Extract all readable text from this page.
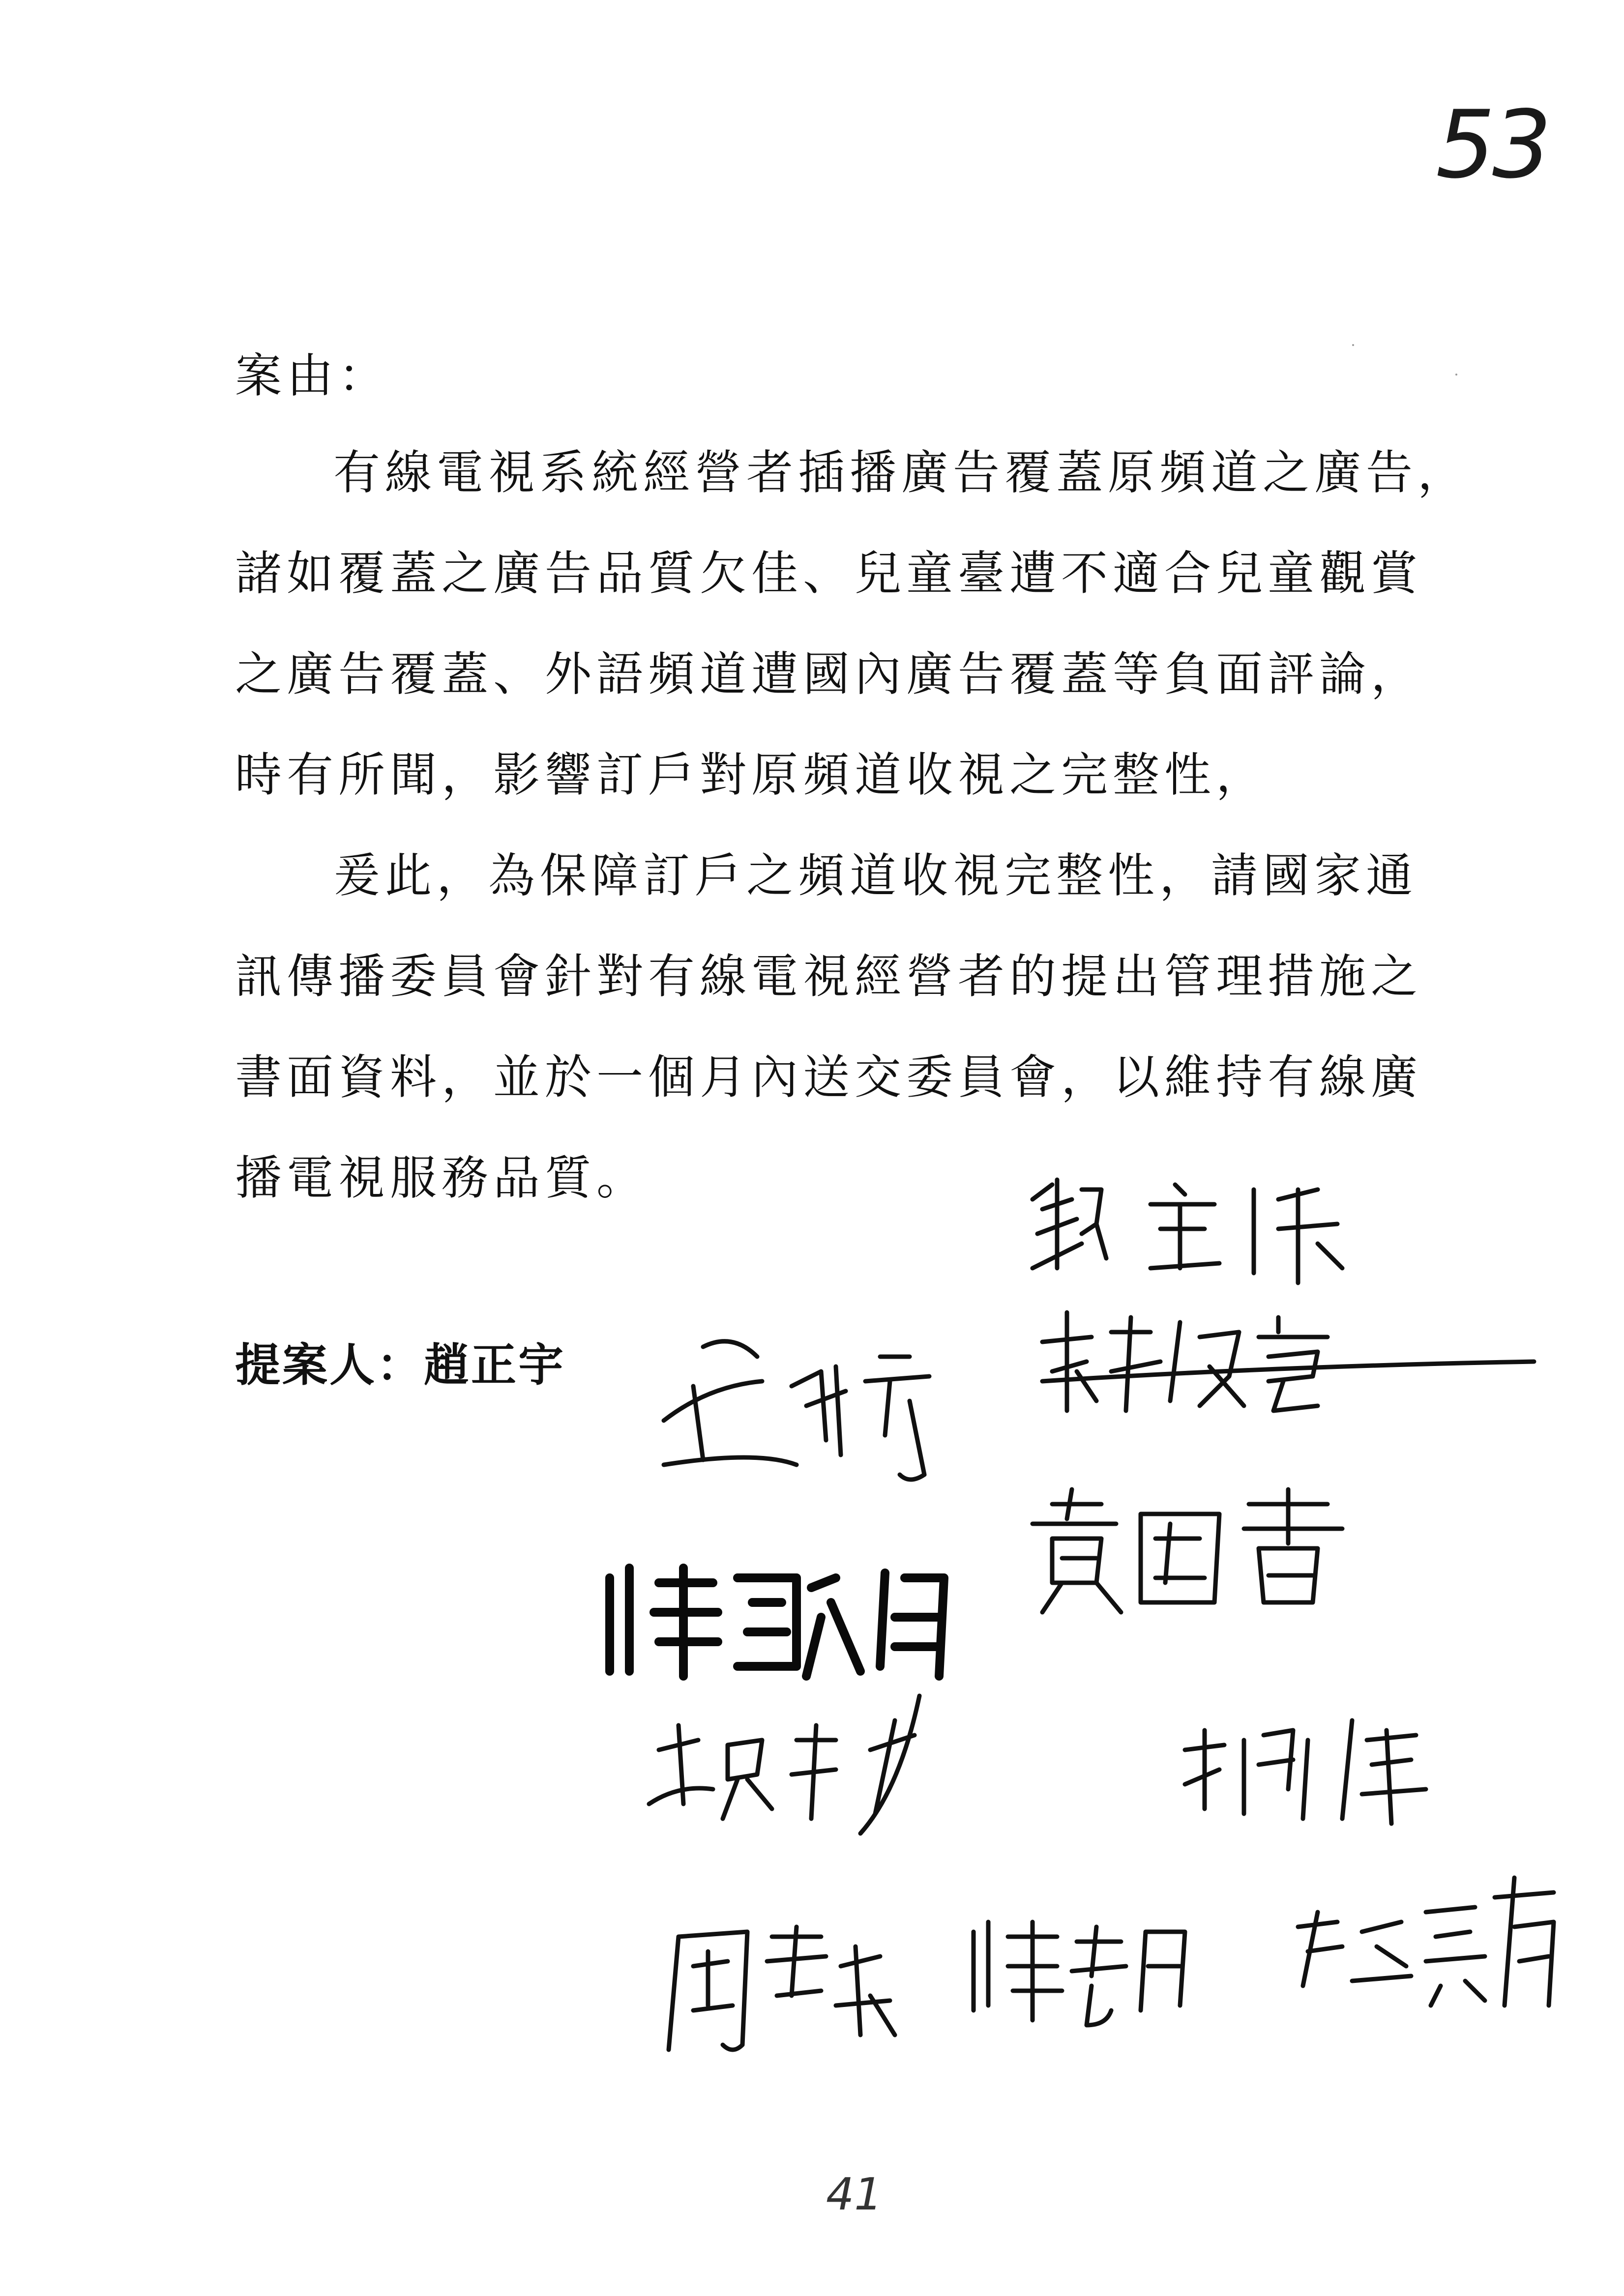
53
案由：
有線電視系統經營者插播廣告覆蓋原頻道之廣告，
諸如覆蓋之廣告品質欠佳、兒童臺遭不適合兒童觀賞
之廣告覆蓋、外語頻道遭國內廣告覆蓋等負面評論，
時有所聞，影響訂戶對原頻道收視之完整性，
爰此，為保障訂戶之頻道收視完整性，請國家通
訊傳播委員會針對有線電視經營者的提出管理措施之
書面資料，並於一個月內送交委員會，以維持有線廣
播電視服務品質。
提案人：趙正宇
41
